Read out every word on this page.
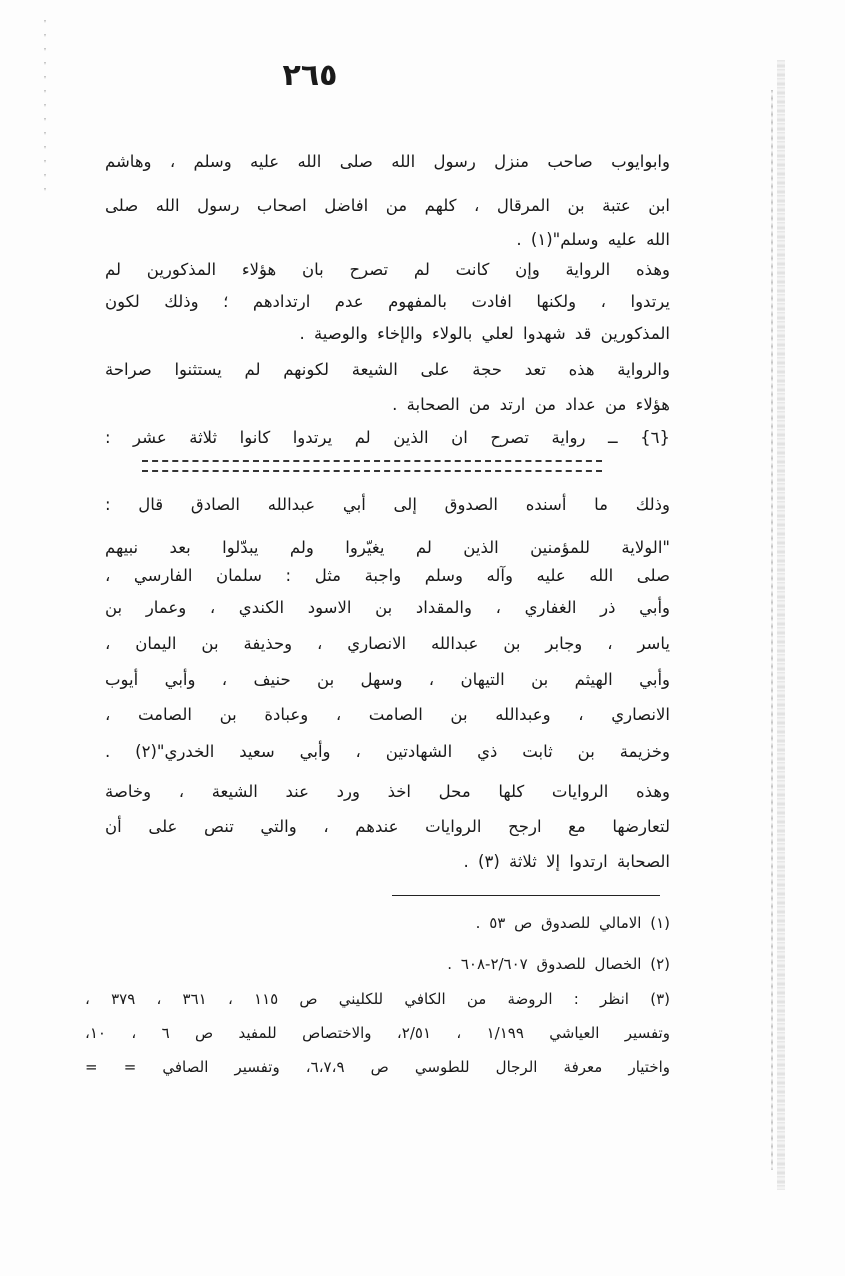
٢٦٥
وابوايوب صاحب منزل رسول الله صلى الله عليه وسلم ، وهاشم
ابن عتبة بن المرقال ، كلهم من افاضل اصحاب رسول الله صلى
الله عليه وسلم"(١) .
وهذه الرواية وإن كانت لم تصرح بان هؤلاء المذكورين لم
يرتدوا ، ولكنها افادت بالمفهوم عدم ارتدادهم ؛ وذلك لكون
المذكورين قد شهدوا لعلي بالولاء والإخاء والوصية .
والرواية هذه تعد حجة على الشيعة لكونهم لم يستثنوا صراحة
هؤلاء من عداد من ارتد من الصحابة .
{٦} ــ رواية تصرح ان الذين لم يرتدوا كانوا ثلاثة عشر :
وذلك ما أسنده الصدوق إلى أبي عبدالله الصادق قال :
"الولاية للمؤمنين الذين لم يغيّروا ولم يبدّلوا بعد نبيهم
صلى الله عليه وآله وسلم واجبة مثل : سلمان الفارسي ،
وأبي ذر الغفاري ، والمقداد بن الاسود الكندي ، وعمار بن
ياسر ، وجابر بن عبدالله الانصاري ، وحذيفة بن اليمان ،
وأبي الهيثم بن التيهان ، وسهل بن حنيف ، وأبي أيوب
الانصاري ، وعبدالله بن الصامت ، وعبادة بن الصامت ،
وخزيمة بن ثابت ذي الشهادتين ، وأبي سعيد الخدري"(٢) .
وهذه الروايات كلها محل اخذ ورد عند الشيعة ، وخاصة
لتعارضها مع ارجح الروايات عندهم ، والتي تنص على أن
الصحابة ارتدوا إلا ثلاثة (٣) .
(١) الامالي للصدوق ص ٥٣ .
(٢) الخصال للصدوق ٢/٦٠٧-٦٠٨ .
(٣) انظر : الروضة من الكافي للكليني ص ١١٥ ، ٣٦١ ، ٣٧٩ ،
وتفسير العياشي ١/١٩٩ ، ٢/٥١، والاختصاص للمفيد ص ٦ ، ١٠،
واختيار معرفة الرجال للطوسي ص ٦،٧،٩، وتفسير الصافي = =
